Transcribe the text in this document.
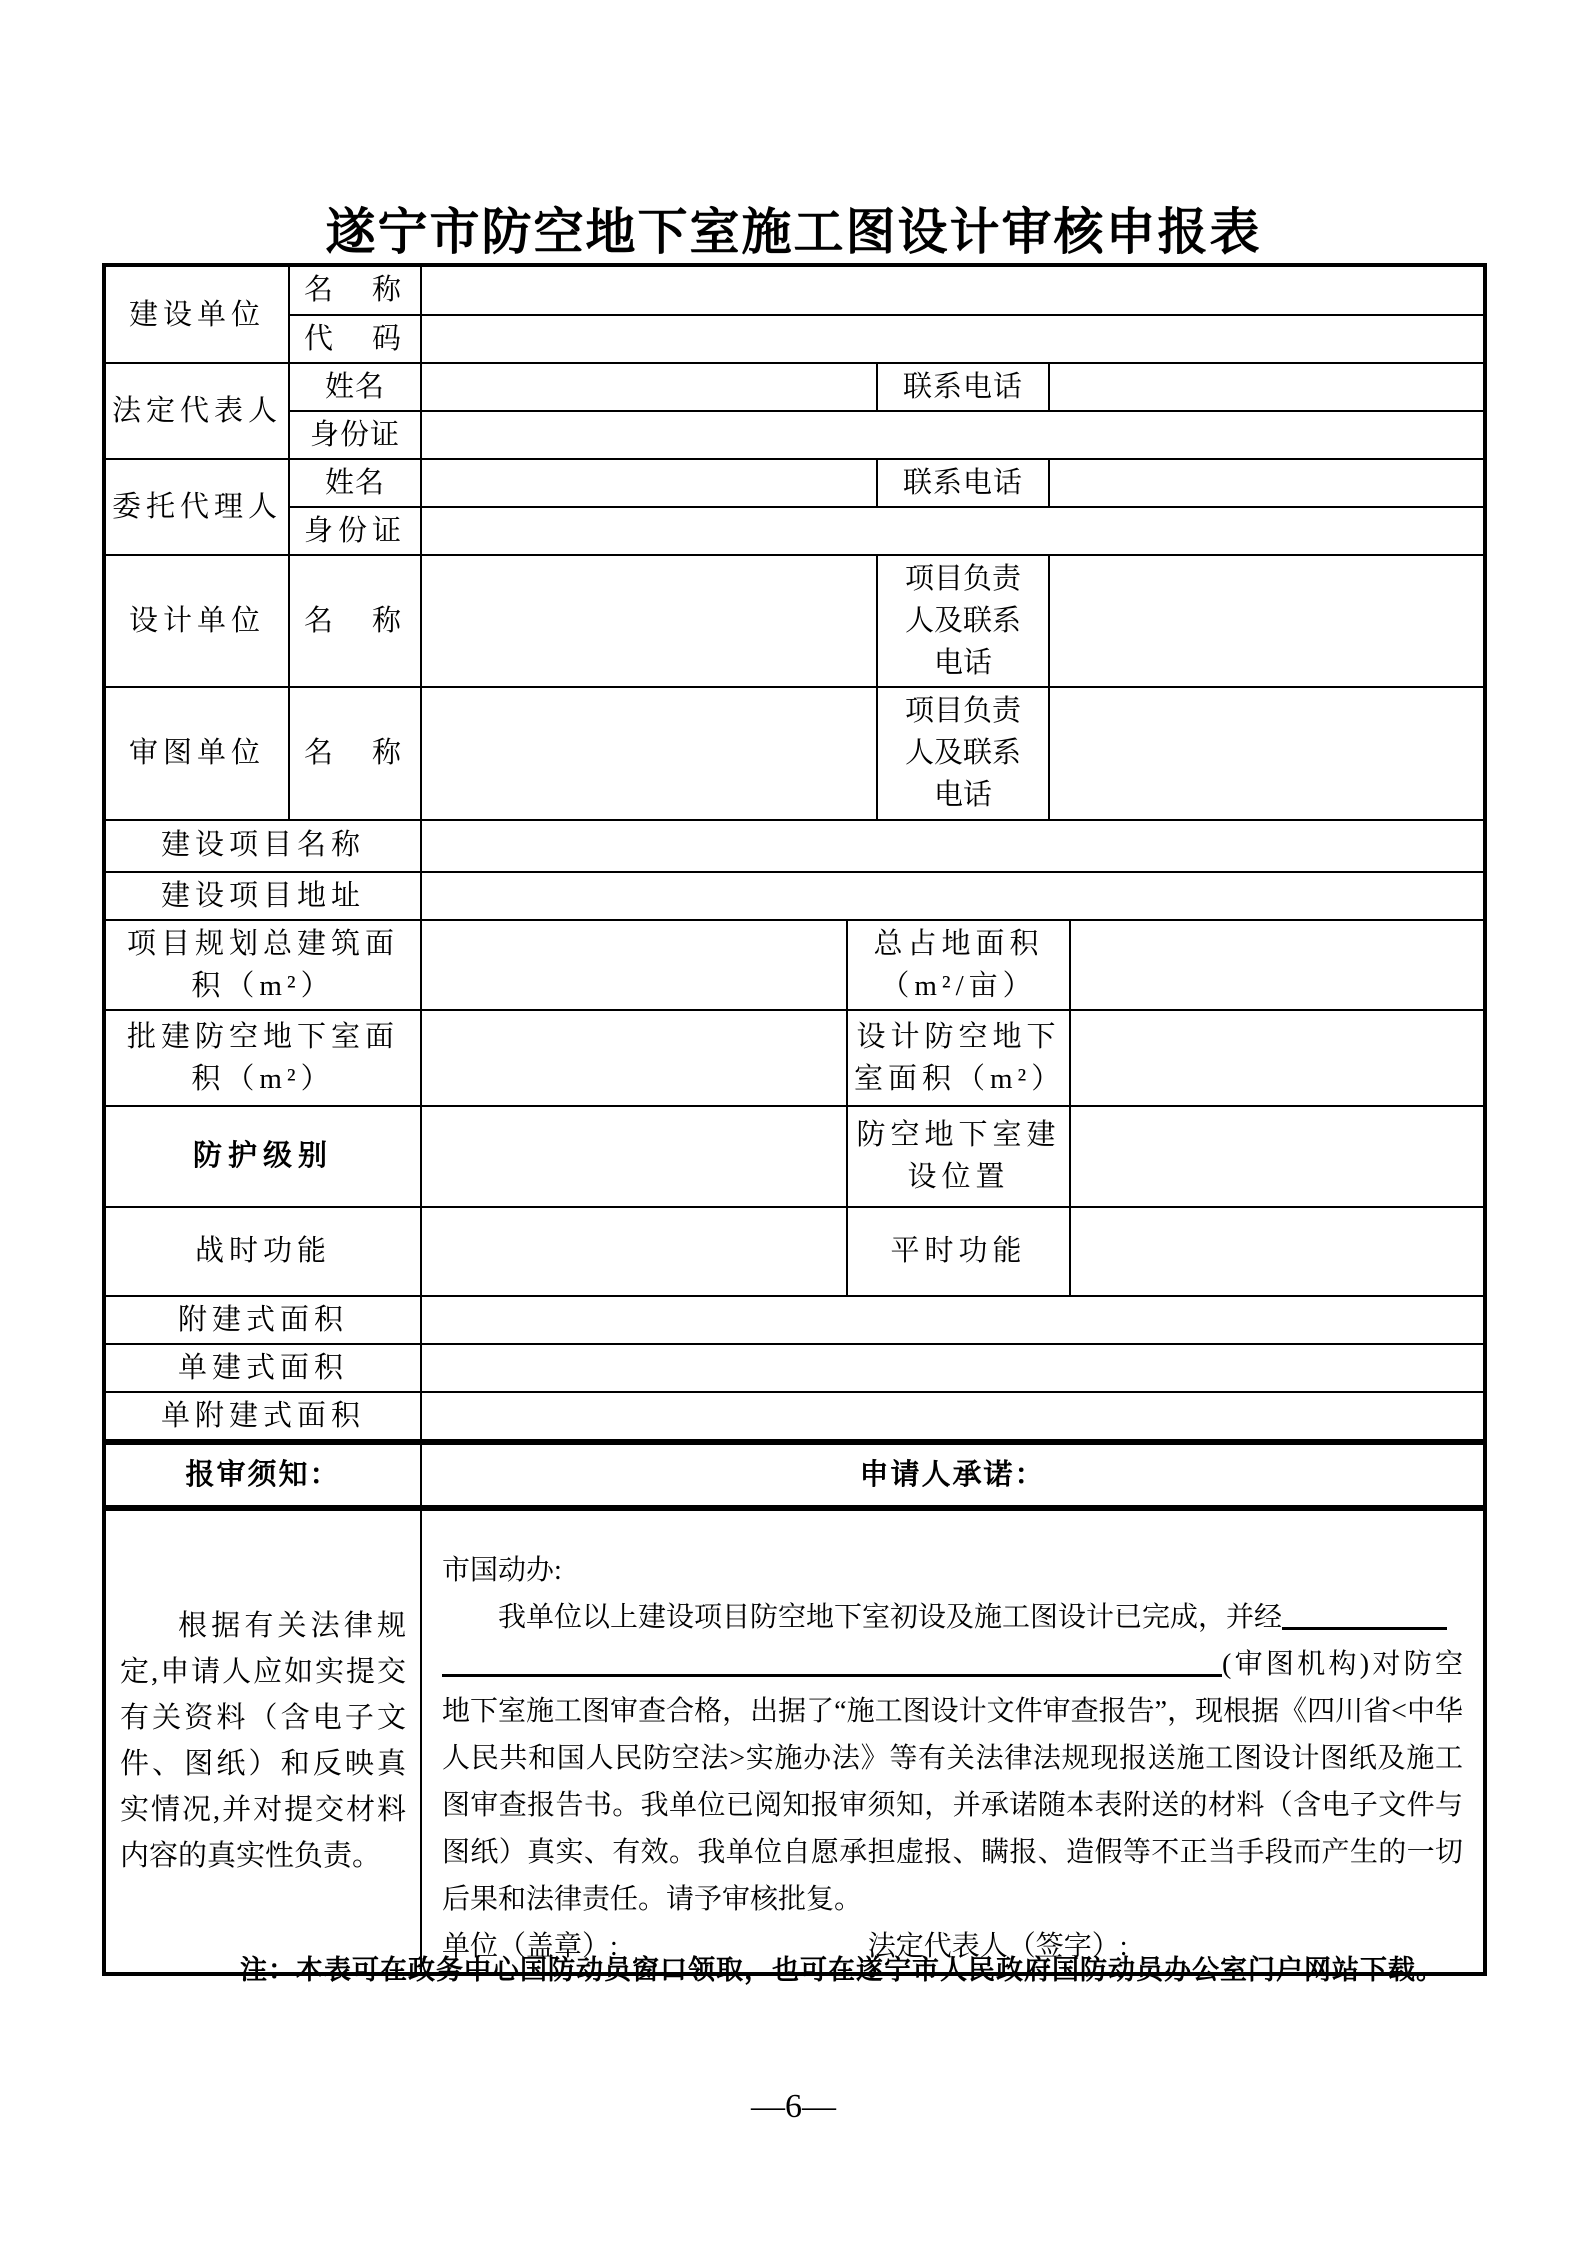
遂宁市防空地下室施工图设计审核申报表
建设单位	名　称					
	代　码					
法定代表人	姓名			联系电话		
	身份证					
委托代理人	姓名			联系电话		
	身份证					
设计单位	名　称			项目负责人及联系电话		
审图单位	名　称			项目负责人及联系电话		
建设项目名称						
建设项目地址						
项目规划总建筑面积（m²）			总占地面积（m²/亩）			
批建防空地下室面积（m²）			设计防空地下室面积（m²）			
防护级别			防空地下室建设位置			
战时功能			平时功能			
附建式面积						
单建式面积						
单附建式面积						
报审须知：		申请人承诺：				

根据有关法律规定,申请人应如实提交有关资料（含电子文件、图纸）和反映真实情况,并对提交材料内容的真实性负责。		市国动办:

我单位以上建设项目防空地下室初设及施工图设计已完成，并经

(审图机构)对防空地下室施工图审查合格，出据了“施工图设计文件审查报告”，现根据《四川省<中华人民共和国人民防空法>实施办法》等有关法律法规现报送施工图设计图纸及施工图审查报告书。我单位已阅知报审须知，并承诺随本表附送的材料（含电子文件与图纸）真实、有效。我单位自愿承担虚报、瞒报、造假等不正当手段而产生的一切后果和法律责任。请予审核批复。

单位（盖章）: 法定代表人（签字）:				

注：本表可在政务中心国防动员窗口领取，也可在遂宁市人民政府国防动员办公室门户网站下载。
—6—
